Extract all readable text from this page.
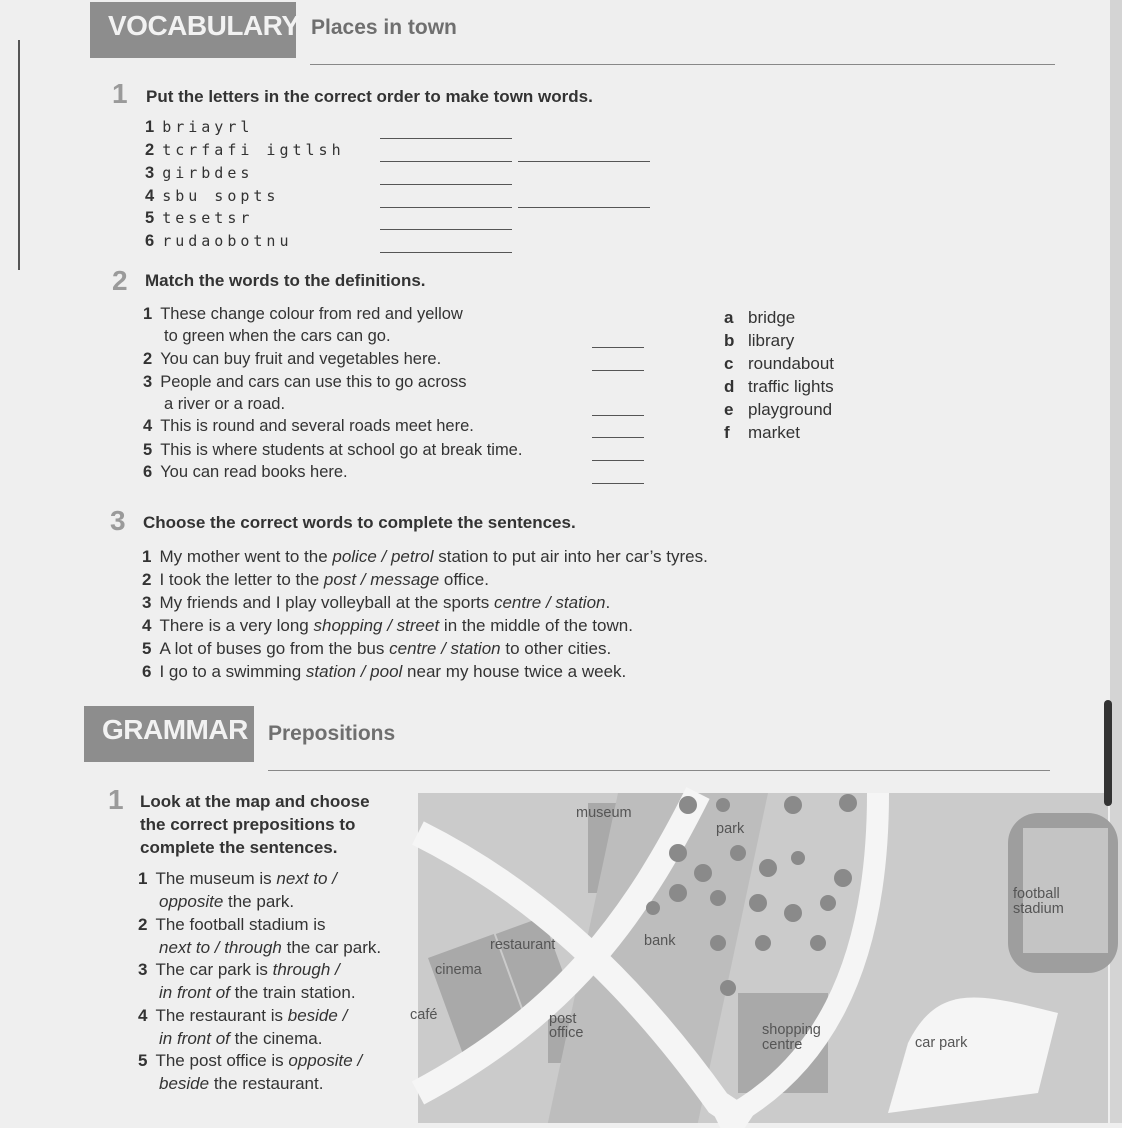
VOCABULARY Places in town
1 Put the letters in the correct order to make town words.
1 briayrl
2 tcrfafi igtlsh
3 girbdes
4 sbu sopts
5 tesetsr
6 rudaobotnu
2 Match the words to the definitions.
1 These change colour from red and yellow
to green when the cars can go.
2 You can buy fruit and vegetables here.
3 People and cars can use this to go across
a river or a road.
4 This is round and several roads meet here.
5 This is where students at school go at break time.
6 You can read books here.
a bridge
b library
c roundabout
d traffic lights
e playground
f market
3 Choose the correct words to complete the sentences.
1 My mother went to the police / petrol station to put air into her car’s tyres.
2 I took the letter to the post / message office.
3 My friends and I play volleyball at the sports centre / station.
4 There is a very long shopping / street in the middle of the town.
5 A lot of buses go from the bus centre / station to other cities.
6 I go to a swimming station / pool near my house twice a week.
GRAMMAR Prepositions
1 Look at the map and choose
the correct prepositions to
complete the sentences.
1 The museum is next to /
opposite the park.
2 The football stadium is
next to / through the car park.
3 The car park is through /
in front of the train station.
4 The restaurant is beside /
in front of the cinema.
5 The post office is opposite /
beside the restaurant.
museum
park
football
stadium
restaurant	bank
cinema
café	post
office	shopping
centre	car park
